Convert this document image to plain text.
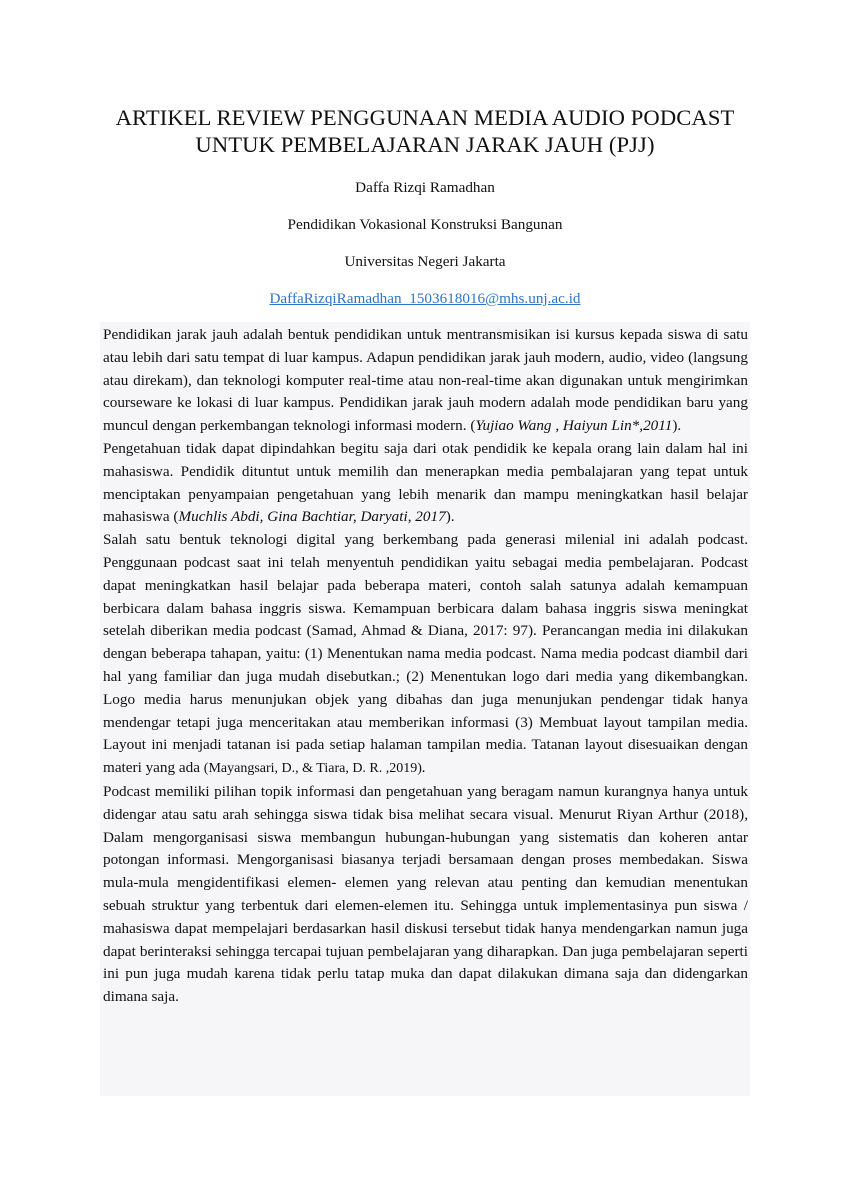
ARTIKEL REVIEW PENGGUNAAN MEDIA AUDIO PODCAST
UNTUK PEMBELAJARAN JARAK JAUH (PJJ)
Daffa Rizqi Ramadhan
Pendidikan Vokasional Konstruksi Bangunan
Universitas Negeri Jakarta
DaffaRizqiRamadhan_1503618016@mhs.unj.ac.id

Pendidikan jarak jauh adalah bentuk pendidikan untuk mentransmisikan isi kursus kepada siswa di satu atau lebih dari satu tempat di luar kampus. Adapun pendidikan jarak jauh modern, audio, video (langsung atau direkam), dan teknologi komputer real-time atau non-real-time akan digunakan untuk mengirimkan courseware ke lokasi di luar kampus. Pendidikan jarak jauh modern adalah mode pendidikan baru yang muncul dengan perkembangan teknologi informasi modern. (Yujiao Wang , Haiyun Lin*,2011).

Pengetahuan tidak dapat dipindahkan begitu saja dari otak pendidik ke kepala orang lain dalam hal ini mahasiswa. Pendidik dituntut untuk memilih dan menerapkan media pembalajaran yang tepat untuk menciptakan penyampaian pengetahuan yang lebih menarik dan mampu meningkatkan hasil belajar mahasiswa (Muchlis Abdi, Gina Bachtiar, Daryati, 2017).

Salah satu bentuk teknologi digital yang berkembang pada generasi milenial ini adalah podcast. Penggunaan podcast saat ini telah menyentuh pendidikan yaitu sebagai media pembelajaran. Podcast dapat meningkatkan hasil belajar pada beberapa materi, contoh salah satunya adalah kemampuan berbicara dalam bahasa inggris siswa. Kemampuan berbicara dalam bahasa inggris siswa meningkat setelah diberikan media podcast (Samad, Ahmad & Diana, 2017: 97). Perancangan media ini dilakukan dengan beberapa tahapan, yaitu: (1) Menentukan nama media podcast. Nama media podcast diambil dari hal yang familiar dan juga mudah disebutkan.; (2) Menentukan logo dari media yang dikembangkan. Logo media harus menunjukan objek yang dibahas dan juga menunjukan pendengar tidak hanya mendengar tetapi juga menceritakan atau memberikan informasi (3) Membuat layout tampilan media. Layout ini menjadi tatanan isi pada setiap halaman tampilan media. Tatanan layout disesuaikan dengan materi yang ada (Mayangsari, D., & Tiara, D. R. ,2019).

Podcast memiliki pilihan topik informasi dan pengetahuan yang beragam namun kurangnya hanya untuk didengar atau satu arah sehingga siswa tidak bisa melihat secara visual. Menurut Riyan Arthur (2018), Dalam mengorganisasi siswa membangun hubungan-hubungan yang sistematis dan koheren antar potongan informasi. Mengorganisasi biasanya terjadi bersamaan dengan proses membedakan. Siswa mula-mula mengidentifikasi elemen- elemen yang relevan atau penting dan kemudian menentukan sebuah struktur yang terbentuk dari elemen-elemen itu. Sehingga untuk implementasinya pun siswa / mahasiswa dapat mempelajari berdasarkan hasil diskusi tersebut tidak hanya mendengarkan namun juga dapat berinteraksi sehingga tercapai tujuan pembelajaran yang diharapkan. Dan juga pembelajaran seperti ini pun juga mudah karena tidak perlu tatap muka dan dapat dilakukan dimana saja dan didengarkan dimana saja.
